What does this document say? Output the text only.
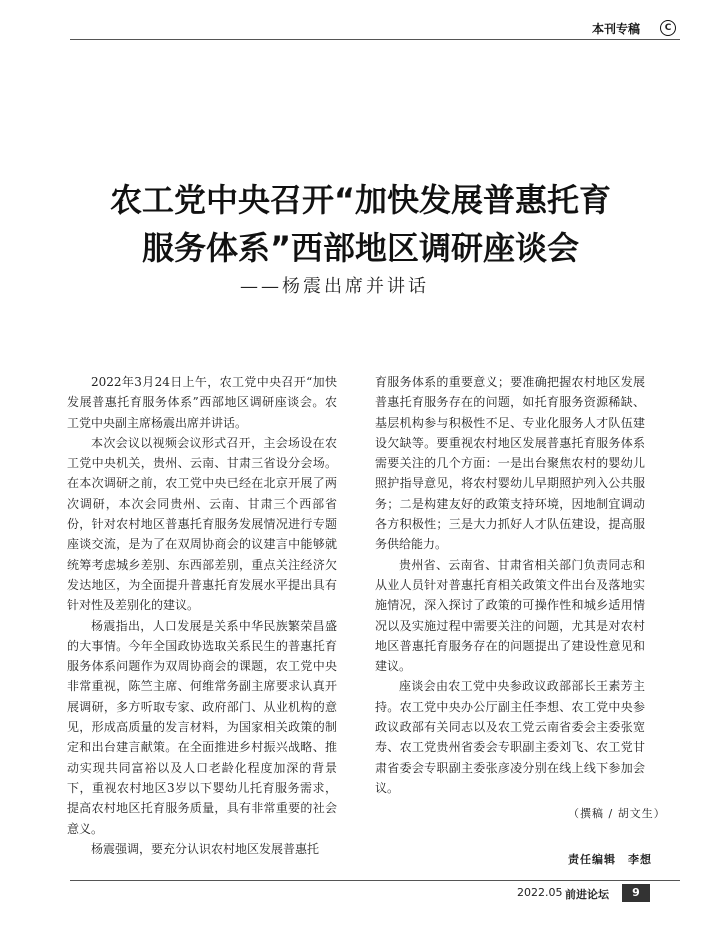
本刊专稿	C
农工党中央召开“加快发展普惠托育
服务体系”西部地区调研座谈会
——杨震出席并讲话

2022年3月24日上午，农工党中央召开“加快发展普惠托育服务体系”西部地区调研座谈会。农工党中央副主席杨震出席并讲话。

本次会议以视频会议形式召开，主会场设在农工党中央机关，贵州、云南、甘肃三省设分会场。在本次调研之前，农工党中央已经在北京开展了两次调研，本次会同贵州、云南、甘肃三个西部省份，针对农村地区普惠托育服务发展情况进行专题座谈交流，是为了在双周协商会的议建言中能够就统筹考虑城乡差别、东西部差别，重点关注经济欠发达地区，为全面提升普惠托育发展水平提出具有针对性及差别化的建议。

杨震指出，人口发展是关系中华民族繁荣昌盛的大事情。今年全国政协选取关系民生的普惠托育服务体系问题作为双周协商会的课题，农工党中央非常重视，陈竺主席、何维常务副主席要求认真开展调研，多方听取专家、政府部门、从业机构的意见，形成高质量的发言材料，为国家相关政策的制定和出台建言献策。在全面推进乡村振兴战略、推动实现共同富裕以及人口老龄化程度加深的背景下，重视农村地区3岁以下婴幼儿托育服务需求，提高农村地区托育服务质量，具有非常重要的社会意义。

杨震强调，要充分认识农村地区发展普惠托

育服务体系的重要意义；要准确把握农村地区发展普惠托育服务存在的问题，如托育服务资源稀缺、基层机构参与积极性不足、专业化服务人才队伍建设欠缺等。要重视农村地区发展普惠托育服务体系需要关注的几个方面：一是出台聚焦农村的婴幼儿照护指导意见，将农村婴幼儿早期照护列入公共服务；二是构建友好的政策支持环境，因地制宜调动各方积极性；三是大力抓好人才队伍建设，提高服务供给能力。

贵州省、云南省、甘肃省相关部门负责同志和从业人员针对普惠托育相关政策文件出台及落地实施情况，深入探讨了政策的可操作性和城乡适用情况以及实施过程中需要关注的问题，尤其是对农村地区普惠托育服务存在的问题提出了建设性意见和建议。

座谈会由农工党中央参政议政部部长王素芳主持。农工党中央办公厅副主任李想、农工党中央参政议政部有关同志以及农工党云南省委会主委张宽寿、农工党贵州省委会专职副主委刘飞、农工党甘肃省委会专职副主委张彦凌分别在线上线下参加会议。

（撰稿 / 胡文生）
责任编辑　李想
2022.05 前进论坛	9
